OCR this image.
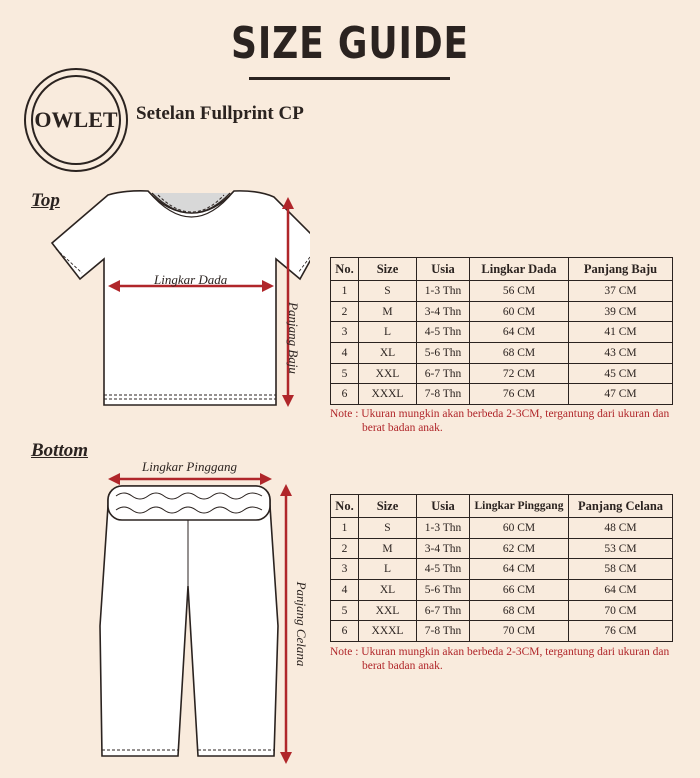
SIZE GUIDE
OWLET Setelan Fullprint CP
Top
Lingkar Dada
Panjang Baju
No.	Size	Usia	Lingkar Dada	Panjang Baju
1	S	1-3 Thn	56 CM	37 CM
2	M	3-4 Thn	60 CM	39 CM
3	L	4-5 Thn	64 CM	41 CM
4	XL	5-6 Thn	68 CM	43 CM
5	XXL	6-7 Thn	72 CM	45 CM
6	XXXL	7-8 Thn	76 CM	47 CM
Note : Ukuran mungkin akan berbeda 2-3CM, tergantung dari ukuran dan
berat badan anak.
Bottom
Lingkar Pinggang
Panjang Celana
No.	Size	Usia	Lingkar Pinggang	Panjang Celana
1	S	1-3 Thn	60 CM	48 CM
2	M	3-4 Thn	62 CM	53 CM
3	L	4-5 Thn	64 CM	58 CM
4	XL	5-6 Thn	66 CM	64 CM
5	XXL	6-7 Thn	68 CM	70 CM
6	XXXL	7-8 Thn	70 CM	76 CM
Note : Ukuran mungkin akan berbeda 2-3CM, tergantung dari ukuran dan
berat badan anak.
